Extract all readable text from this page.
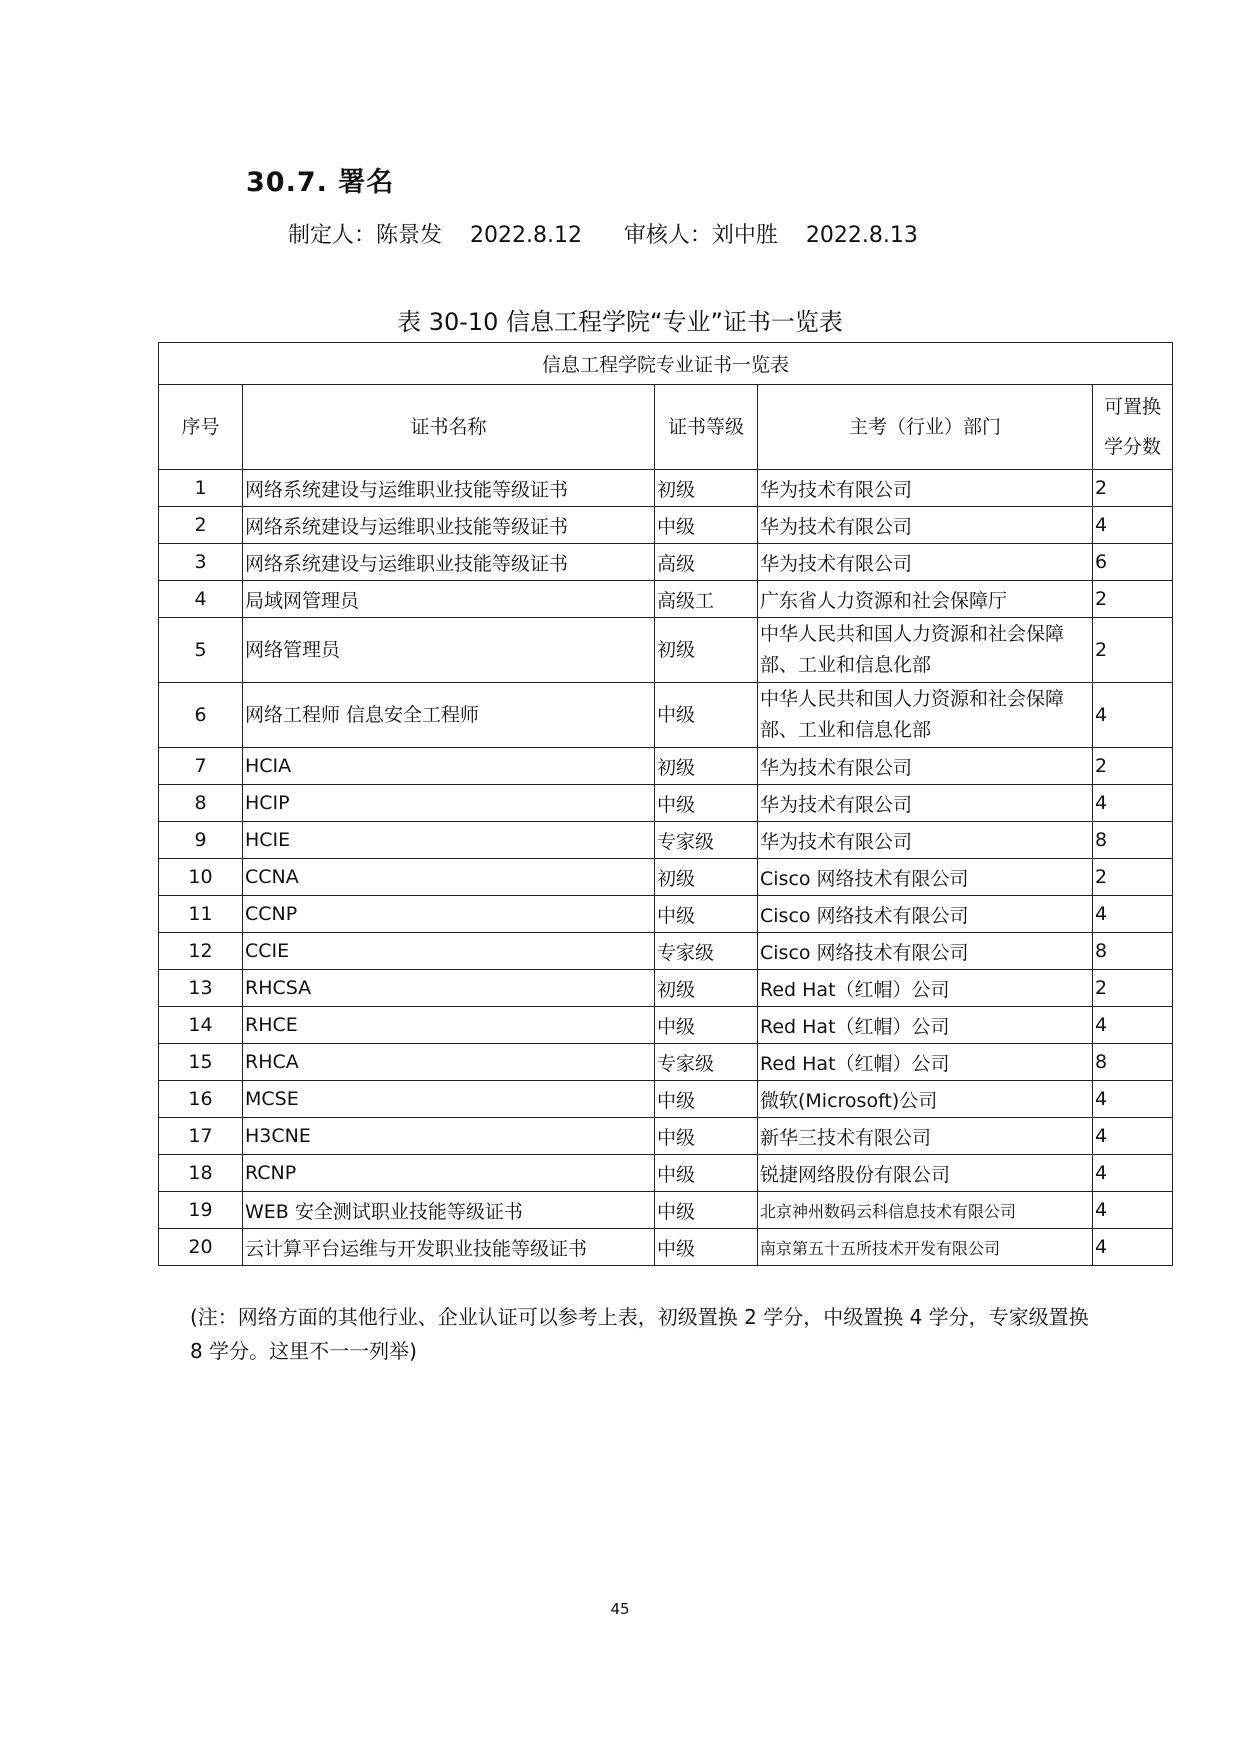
30.7. 署名
制定人：陈景发    2022.8.12      审核人：刘中胜    2022.8.13
表 30-10 信息工程学院“专业”证书一览表
信息工程学院专业证书一览表				
序号	证书名称	证书等级	主考（行业）部门	可置换学分数
1	网络系统建设与运维职业技能等级证书	初级	华为技术有限公司	2
2	网络系统建设与运维职业技能等级证书	中级	华为技术有限公司	4
3	网络系统建设与运维职业技能等级证书	高级	华为技术有限公司	6
4	局域网管理员	高级工	广东省人力资源和社会保障厅	2
5	网络管理员	初级	中华人民共和国人力资源和社会保障部、工业和信息化部	2
6	网络工程师 信息安全工程师	中级	中华人民共和国人力资源和社会保障部、工业和信息化部	4
7	HCIA	初级	华为技术有限公司	2
8	HCIP	中级	华为技术有限公司	4
9	HCIE	专家级	华为技术有限公司	8
10	CCNA	初级	Cisco 网络技术有限公司	2
11	CCNP	中级	Cisco 网络技术有限公司	4
12	CCIE	专家级	Cisco 网络技术有限公司	8
13	RHCSA	初级	Red Hat（红帽）公司	2
14	RHCE	中级	Red Hat（红帽）公司	4
15	RHCA	专家级	Red Hat（红帽）公司	8
16	MCSE	中级	微软(Microsoft)公司	4
17	H3CNE	中级	新华三技术有限公司	4
18	RCNP	中级	锐捷网络股份有限公司	4
19	WEB 安全测试职业技能等级证书	中级	北京神州数码云科信息技术有限公司	4
20	云计算平台运维与开发职业技能等级证书	中级	南京第五十五所技术开发有限公司	4
(注：网络方面的其他行业、企业认证可以参考上表，初级置换 2 学分，中级置换 4 学分，专家级置换 8 学分。这里不一一列举)
45
